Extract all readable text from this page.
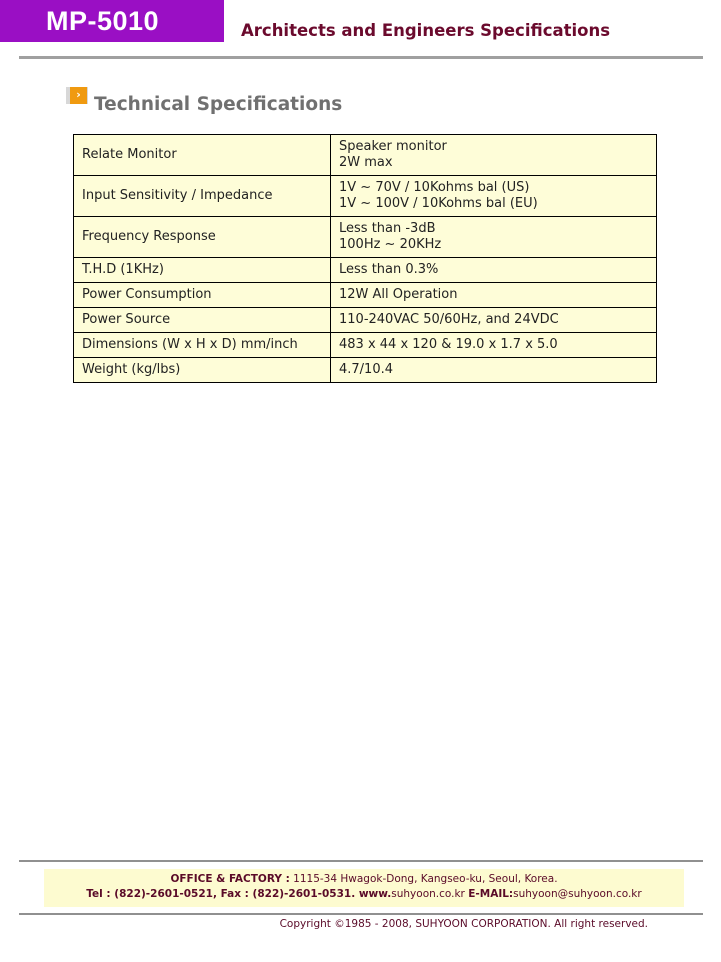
MP-5010	Architects and Engineers Specifications
› Technical Specifications
Relate Monitor	Speaker monitor
2W max

Input Sensitivity / Impedance	1V ~ 70V / 10Kohms bal (US)
1V ~ 100V / 10Kohms bal (EU)

Frequency Response	Less than -3dB
100Hz ~ 20KHz

T.H.D (1KHz)	Less than 0.3%
Power Consumption	12W All Operation
Power Source	110-240VAC 50/60Hz, and 24VDC
Dimensions (W x H x D) mm/inch	483 x 44 x 120 & 19.0 x 1.7 x 5.0
Weight (kg/lbs)	4.7/10.4
OFFICE & FACTORY : 1115-34 Hwagok-Dong, Kangseo-ku, Seoul, Korea.
Tel : (822)-2601-0521, Fax : (822)-2601-0531. www.suhyoon.co.kr E-MAIL:suhyoon@suhyoon.co.kr
Copyright ©1985 - 2008, SUHYOON CORPORATION. All right reserved.
